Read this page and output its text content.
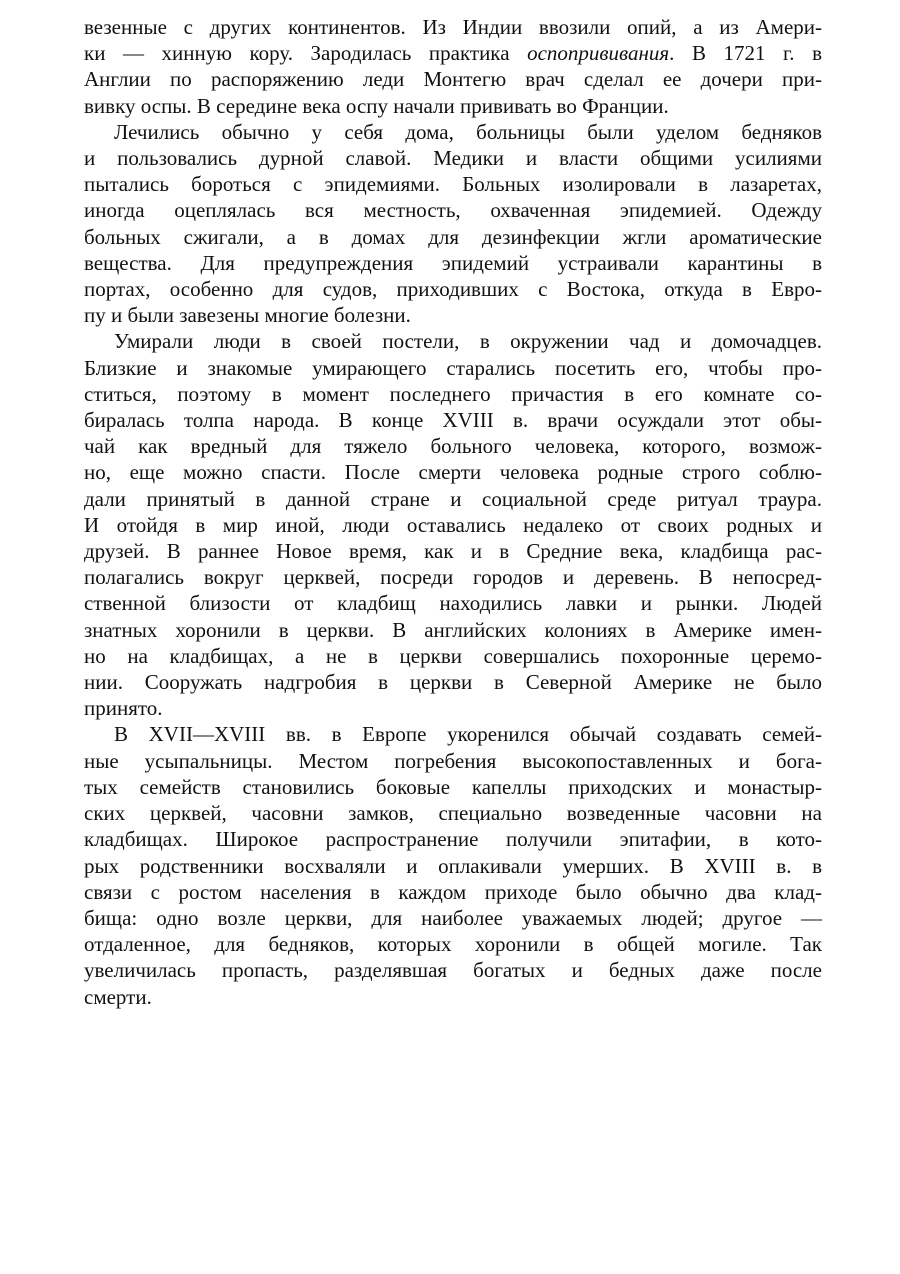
везенные с других континентов. Из Индии ввозили опий, а из Амери-
ки — хинную кору. Зародилась практика оспопрививания. В 1721 г. в
Англии по распоряжению леди Монтегю врач сделал ее дочери при-
вивку оспы. В середине века оспу начали прививать во Франции.
Лечились обычно у себя дома, больницы были уделом бедняков
и пользовались дурной славой. Медики и власти общими усилиями
пытались бороться с эпидемиями. Больных изолировали в лазаретах,
иногда оцеплялась вся местность, охваченная эпидемией. Одежду
больных сжигали, а в домах для дезинфекции жгли ароматические
вещества. Для предупреждения эпидемий устраивали карантины в
портах, особенно для судов, приходивших с Востока, откуда в Евро-
пу и были завезены многие болезни.
Умирали люди в своей постели, в окружении чад и домочадцев.
Близкие и знакомые умирающего старались посетить его, чтобы про-
ститься, поэтому в момент последнего причастия в его комнате со-
биралась толпа народа. В конце XVIII в. врачи осуждали этот обы-
чай как вредный для тяжело больного человека, которого, возмож-
но, еще можно спасти. После смерти человека родные строго соблю-
дали принятый в данной стране и социальной среде ритуал траура.
И отойдя в мир иной, люди оставались недалеко от своих родных и
друзей. В раннее Новое время, как и в Средние века, кладбища рас-
полагались вокруг церквей, посреди городов и деревень. В непосред-
ственной близости от кладбищ находились лавки и рынки. Людей
знатных хоронили в церкви. В английских колониях в Америке имен-
но на кладбищах, а не в церкви совершались похоронные церемо-
нии. Сооружать надгробия в церкви в Северной Америке не было
принято.
В XVII—XVIII вв. в Европе укоренился обычай создавать семей-
ные усыпальницы. Местом погребения высокопоставленных и бога-
тых семейств становились боковые капеллы приходских и монастыр-
ских церквей, часовни замков, специально возведенные часовни на
кладбищах. Широкое распространение получили эпитафии, в кото-
рых родственники восхваляли и оплакивали умерших. В XVIII в. в
связи с ростом населения в каждом приходе было обычно два клад-
бища: одно возле церкви, для наиболее уважаемых людей; другое —
отдаленное, для бедняков, которых хоронили в общей могиле. Так
увеличилась пропасть, разделявшая богатых и бедных даже после
смерти.
